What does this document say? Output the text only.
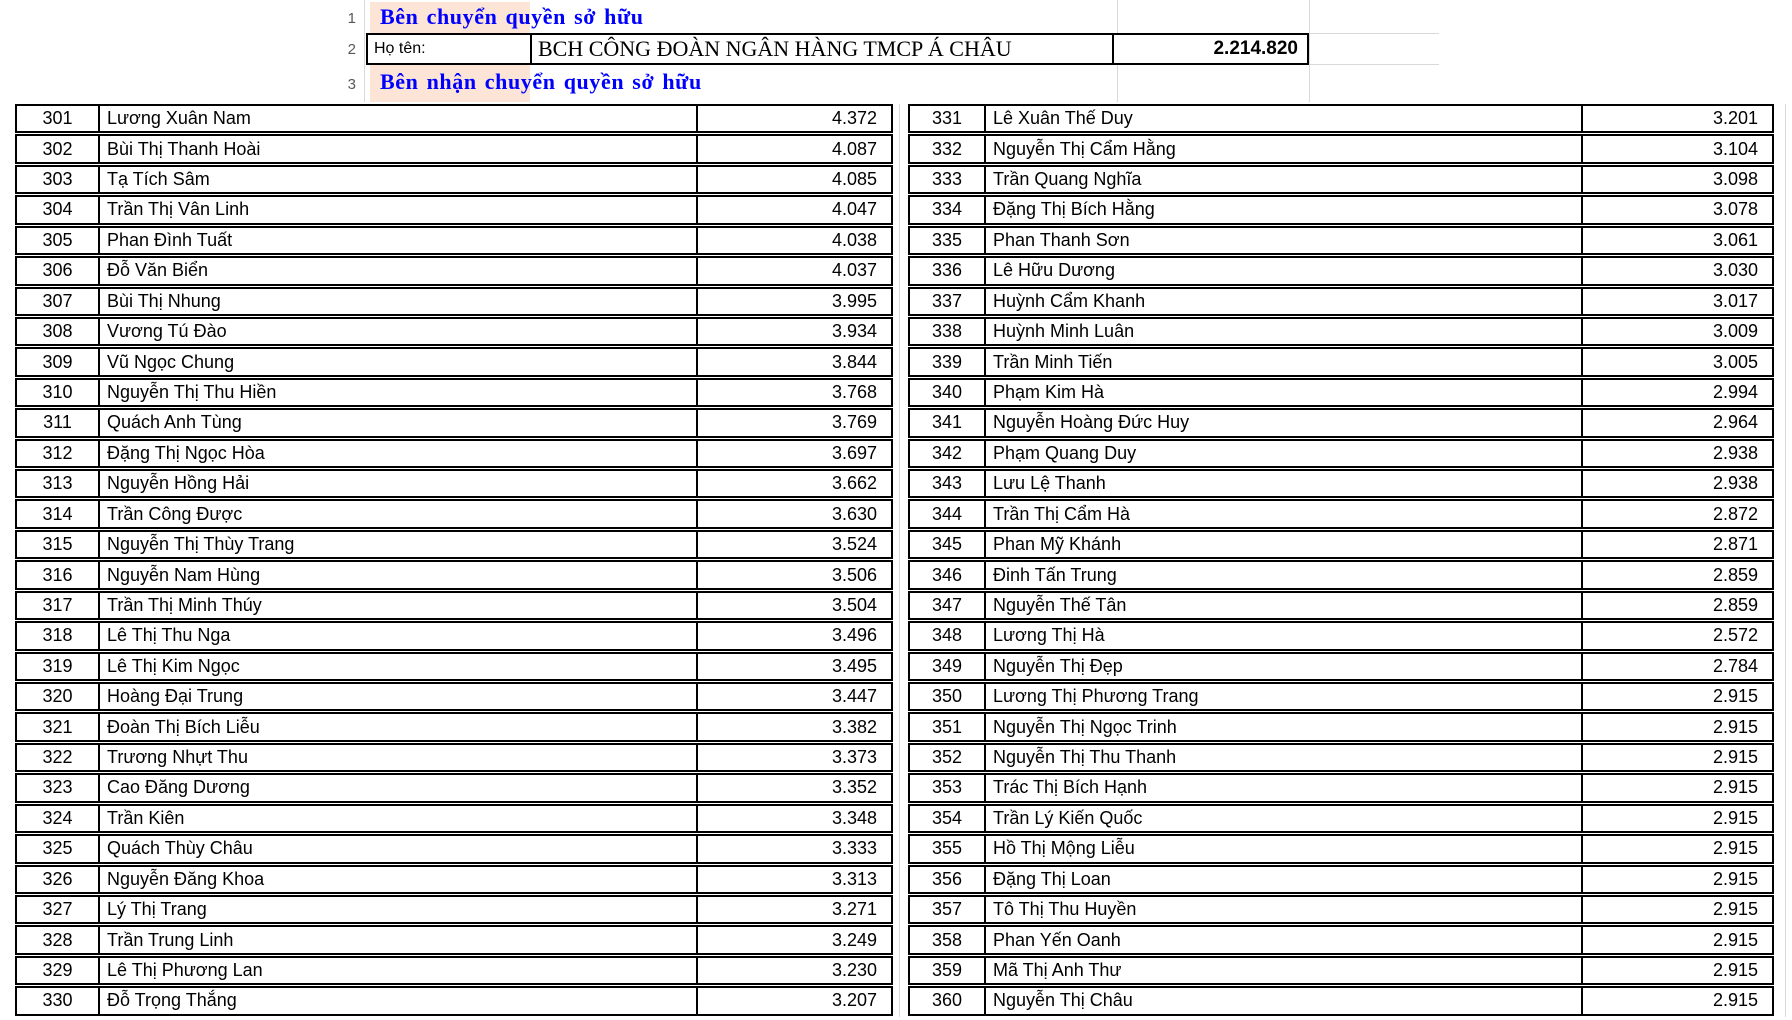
1
2
3
Bên chuyển quyền sở hữu
Bên nhận chuyển quyền sở hữu
Họ tên:	BCH CÔNG ĐOÀN NGÂN HÀNG TMCP Á CHÂU	2.214.820
301	Lương Xuân Nam	4.372
302	Bùi Thị Thanh Hoài	4.087
303	Tạ Tích Sâm	4.085
304	Trần Thị Vân Linh	4.047
305	Phan Đình Tuất	4.038
306	Đỗ Văn Biển	4.037
307	Bùi Thị Nhung	3.995
308	Vương Tú Đào	3.934
309	Vũ Ngọc Chung	3.844
310	Nguyễn Thị Thu Hiền	3.768
311	Quách Anh Tùng	3.769
312	Đặng Thị Ngọc Hòa	3.697
313	Nguyễn Hồng Hải	3.662
314	Trần Công Được	3.630
315	Nguyễn Thị Thùy Trang	3.524
316	Nguyễn Nam Hùng	3.506
317	Trần Thị Minh Thúy	3.504
318	Lê Thị Thu Nga	3.496
319	Lê Thị Kim Ngọc	3.495
320	Hoàng Đại Trung	3.447
321	Đoàn Thị Bích Liễu	3.382
322	Trương Nhựt Thu	3.373
323	Cao Đăng Dương	3.352
324	Trần Kiên	3.348
325	Quách Thùy Châu	3.333
326	Nguyễn Đăng Khoa	3.313
327	Lý Thị Trang	3.271
328	Trần Trung Linh	3.249
329	Lê Thị Phương Lan	3.230
330	Đỗ Trọng Thắng	3.207
331	Lê Xuân Thế Duy	3.201
332	Nguyễn Thị Cẩm Hằng	3.104
333	Trần Quang Nghĩa	3.098
334	Đặng Thị Bích Hằng	3.078
335	Phan Thanh Sơn	3.061
336	Lê Hữu Dương	3.030
337	Huỳnh Cẩm Khanh	3.017
338	Huỳnh Minh Luân	3.009
339	Trần Minh Tiến	3.005
340	Phạm Kim Hà	2.994
341	Nguyễn Hoàng Đức Huy	2.964
342	Phạm Quang Duy	2.938
343	Lưu Lệ Thanh	2.938
344	Trần Thị Cẩm Hà	2.872
345	Phan Mỹ Khánh	2.871
346	Đinh Tấn Trung	2.859
347	Nguyễn Thế Tân	2.859
348	Lương Thị Hà	2.572
349	Nguyễn Thị Đẹp	2.784
350	Lương Thị Phương Trang	2.915
351	Nguyễn Thị Ngọc Trinh	2.915
352	Nguyễn Thị Thu Thanh	2.915
353	Trác Thị Bích Hạnh	2.915
354	Trần Lý Kiến Quốc	2.915
355	Hồ Thị Mộng Liễu	2.915
356	Đặng Thị Loan	2.915
357	Tô Thị Thu Huyền	2.915
358	Phan Yến Oanh	2.915
359	Mã Thị Anh Thư	2.915
360	Nguyễn Thị Châu	2.915
